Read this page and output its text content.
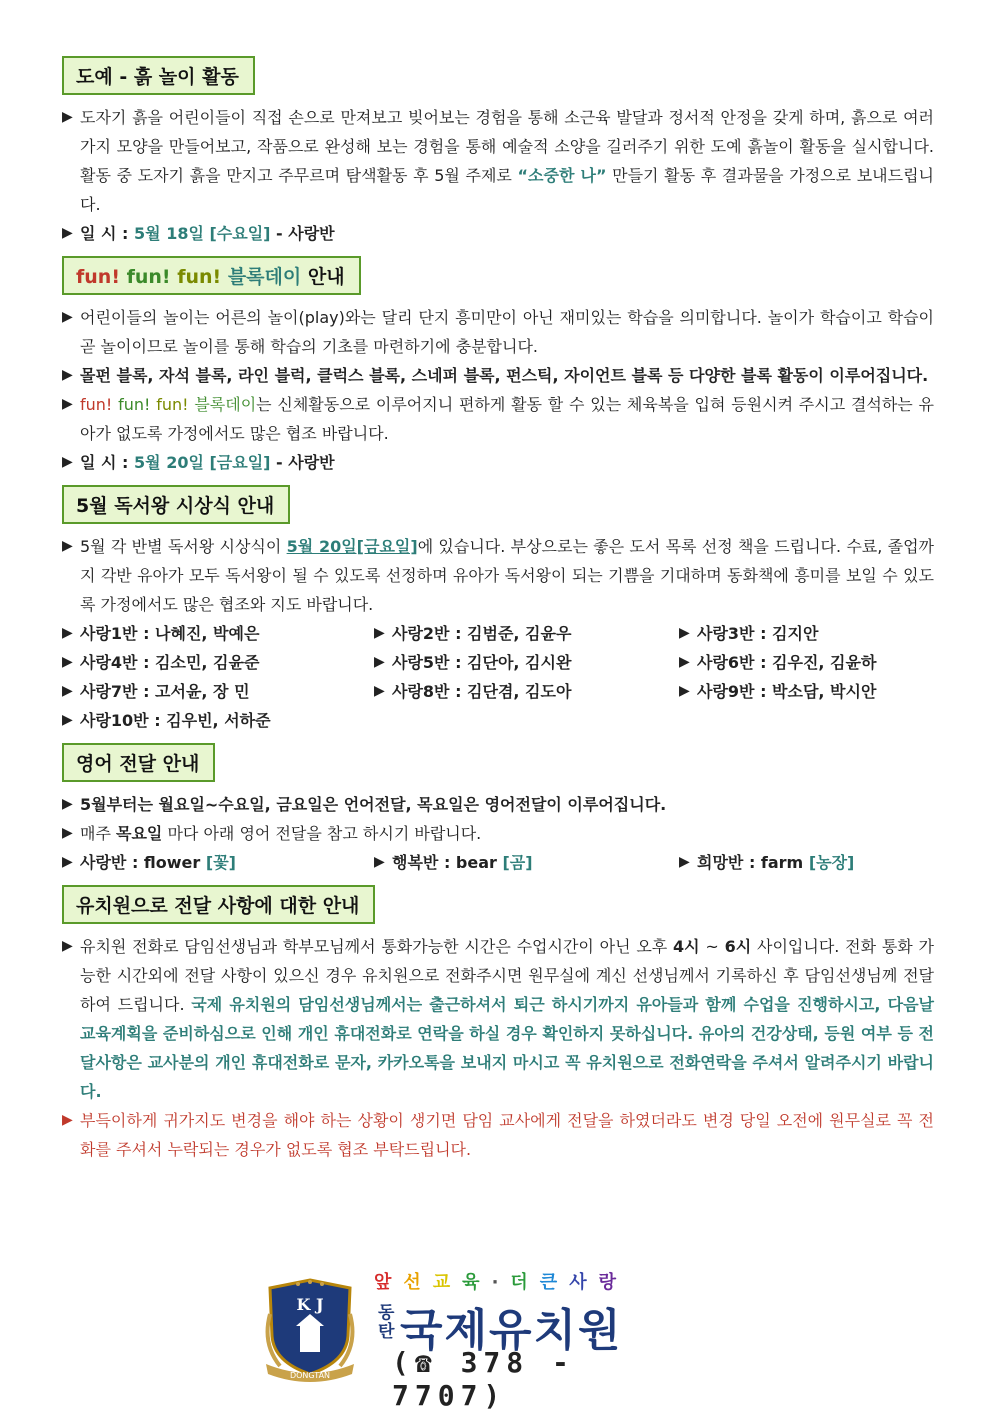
도예 - 흙 놀이 활동

▶ 도자기 흙을 어린이들이 직접 손으로 만져보고 빚어보는 경험을 통해 소근육 발달과 정서적 안정을 갖게 하며, 흙으로 여러 가지 모양을 만들어보고, 작품으로 완성해 보는 경험을 통해 예술적 소양을 길러주기 위한 도예 흙놀이 활동을 실시합니다. 활동 중 도자기 흙을 만지고 주무르며 탐색활동 후 5월 주제로 “소중한 나” 만들기 활동 후 결과물을 가정으로 보내드립니다.

▶ 일 시 : 5월 18일 [수요일] - 사랑반

fun! fun! fun! 블록데이 안내

▶ 어린이들의 놀이는 어른의 놀이(play)와는 달리 단지 흥미만이 아닌 재미있는 학습을 의미합니다. 놀이가 학습이고 학습이 곧 놀이이므로 놀이를 통해 학습의 기초를 마련하기에 충분합니다.

▶ 몰펀 블록, 자석 블록, 라인 블럭, 클럭스 블록, 스네퍼 블록, 펀스틱, 자이언트 블록 등 다양한 블록 활동이 이루어집니다.

▶ fun! fun! fun! 블록데이는 신체활동으로 이루어지니 편하게 활동 할 수 있는 체육복을 입혀 등원시켜 주시고 결석하는 유아가 없도록 가정에서도 많은 협조 바랍니다.

▶ 일 시 : 5월 20일 [금요일] - 사랑반

5월 독서왕 시상식 안내

▶ 5월 각 반별 독서왕 시상식이 5월 20일[금요일]에 있습니다. 부상으로는 좋은 도서 목록 선정 책을 드립니다. 수료, 졸업까지 각반 유아가 모두 독서왕이 될 수 있도록 선정하며 유아가 독서왕이 되는 기쁨을 기대하며 동화책에 흥미를 보일 수 있도록 가정에서도 많은 협조와 지도 바랍니다.

▶ 사랑1반 : 나혜진, 박예은	▶ 사랑2반 : 김범준, 김윤우	▶ 사랑3반 : 김지안
▶ 사랑4반 : 김소민, 김윤준	▶ 사랑5반 : 김단아, 김시완	▶ 사랑6반 : 김우진, 김윤하
▶ 사랑7반 : 고서윤, 장 민	▶ 사랑8반 : 김단겸, 김도아	▶ 사랑9반 : 박소담, 박시안
▶ 사랑10반 : 김우빈, 서하준
영어 전달 안내

▶ 5월부터는 월요일~수요일, 금요일은 언어전달, 목요일은 영어전달이 이루어집니다.

▶ 매주 목요일 마다 아래 영어 전달을 참고 하시기 바랍니다.

▶ 사랑반 : flower [꽃]	▶ 행복반 : bear [곰]	▶ 희망반 : farm [농장]
유치원으로 전달 사항에 대한 안내

▶ 유치원 전화로 담임선생님과 학부모님께서 통화가능한 시간은 수업시간이 아닌 오후 4시 ~ 6시 사이입니다. 전화 통화 가능한 시간외에 전달 사항이 있으신 경우 유치원으로 전화주시면 원무실에 계신 선생님께서 기록하신 후 담임선생님께 전달하여 드립니다. 국제 유치원의 담임선생님께서는 출근하셔서 퇴근 하시기까지 유아들과 함께 수업을 진행하시고, 다음날 교육계획을 준비하심으로 인해 개인 휴대전화로 연락을 하실 경우 확인하지 못하십니다. 유아의 건강상태, 등원 여부 등 전달사항은 교사분의 개인 휴대전화로 문자, 카카오톡을 보내지 마시고 꼭 유치원으로 전화연락을 주셔서 알려주시기 바랍니다.

▶ 부득이하게 귀가지도 변경을 해야 하는 상황이 생기면 담임 교사에게 전달을 하였더라도 변경 당일 오전에 원무실로 꼭 전화를 주셔서 누락되는 경우가 없도록 협조 부탁드립니다.

K J
DONGTAN
앞선교육·더큰사랑
동탄 국제유치원
(☎ 378 - 7707)
